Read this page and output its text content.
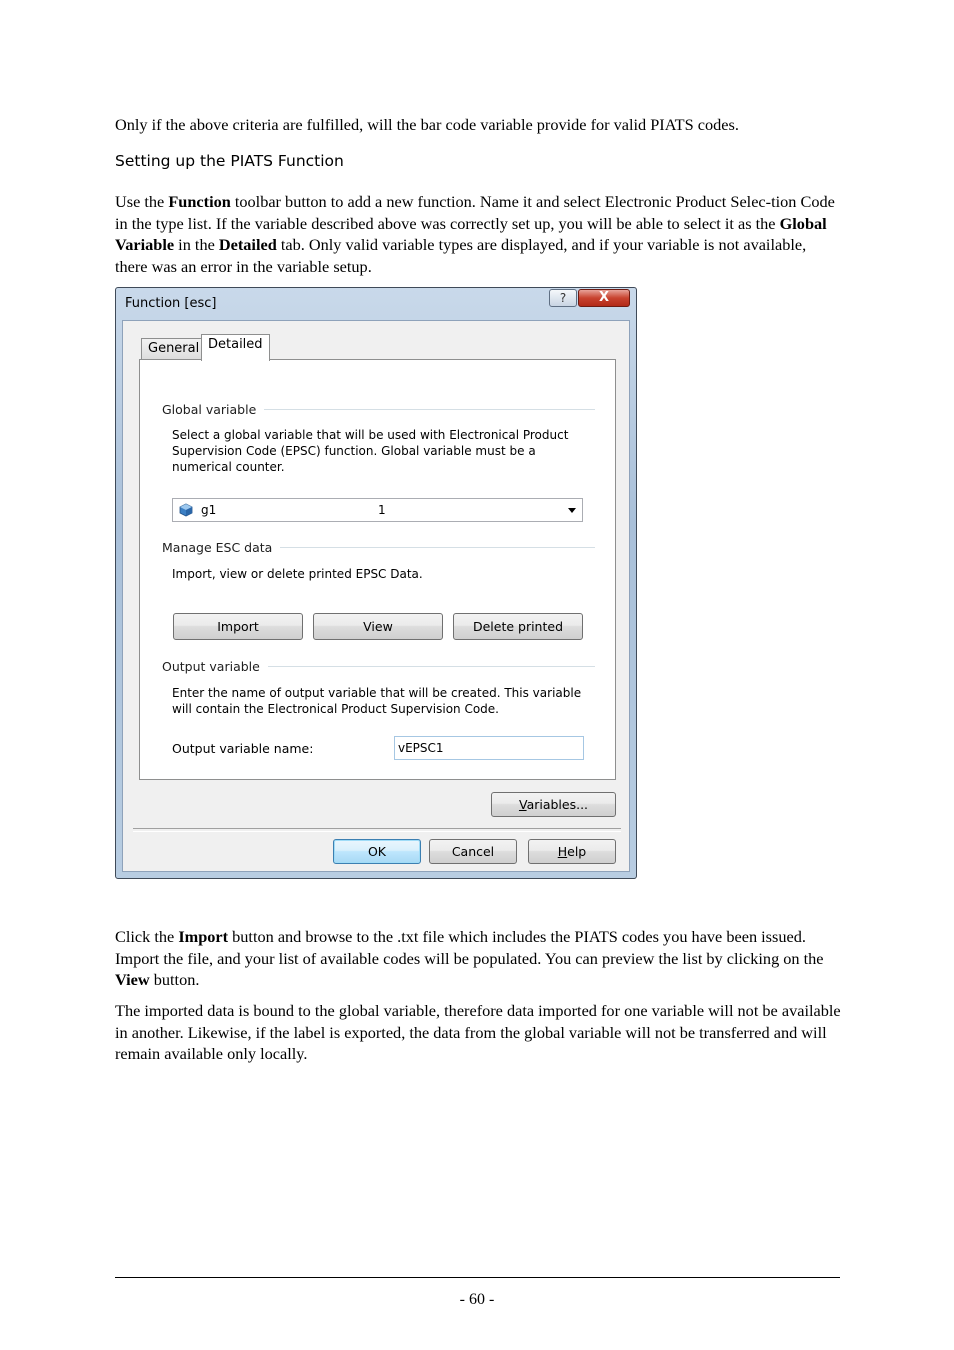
Only if the above criteria are fulfilled, will the bar code variable provide for valid PIATS codes.

Setting up the PIATS Function

Use the Function toolbar button to add a new function. Name it and select Electronic Product Selec-tion Code in the type list. If the variable described above was correctly set up, you will be able to select it as the Global Variable in the Detailed tab. Only valid variable types are displayed, and if your variable is not available, there was an error in the variable setup.

Function [esc]	?	X
General Detailed
Global variable
Select a global variable that will be used with Electronical Product Supervision Code (EPSC) function. Global variable must be a numerical counter.
g1	1
Manage ESC data
Import, view or delete printed EPSC Data.
Import	View	Delete printed
Output variable
Enter the name of output variable that will be created. This variable will contain the Electronical Product Supervision Code.
Output variable name:	vEPSC1
Variables...
OK	Cancel	Help

Click the Import button and browse to the .txt file which includes the PIATS codes you have been issued. Import the file, and your list of available codes will be populated. You can preview the list by clicking on the View button.

The imported data is bound to the global variable, therefore data imported for one variable will not be available in another. Likewise, if the label is exported, the data from the global variable will not be transferred and will remain available only locally.

- 60 -
